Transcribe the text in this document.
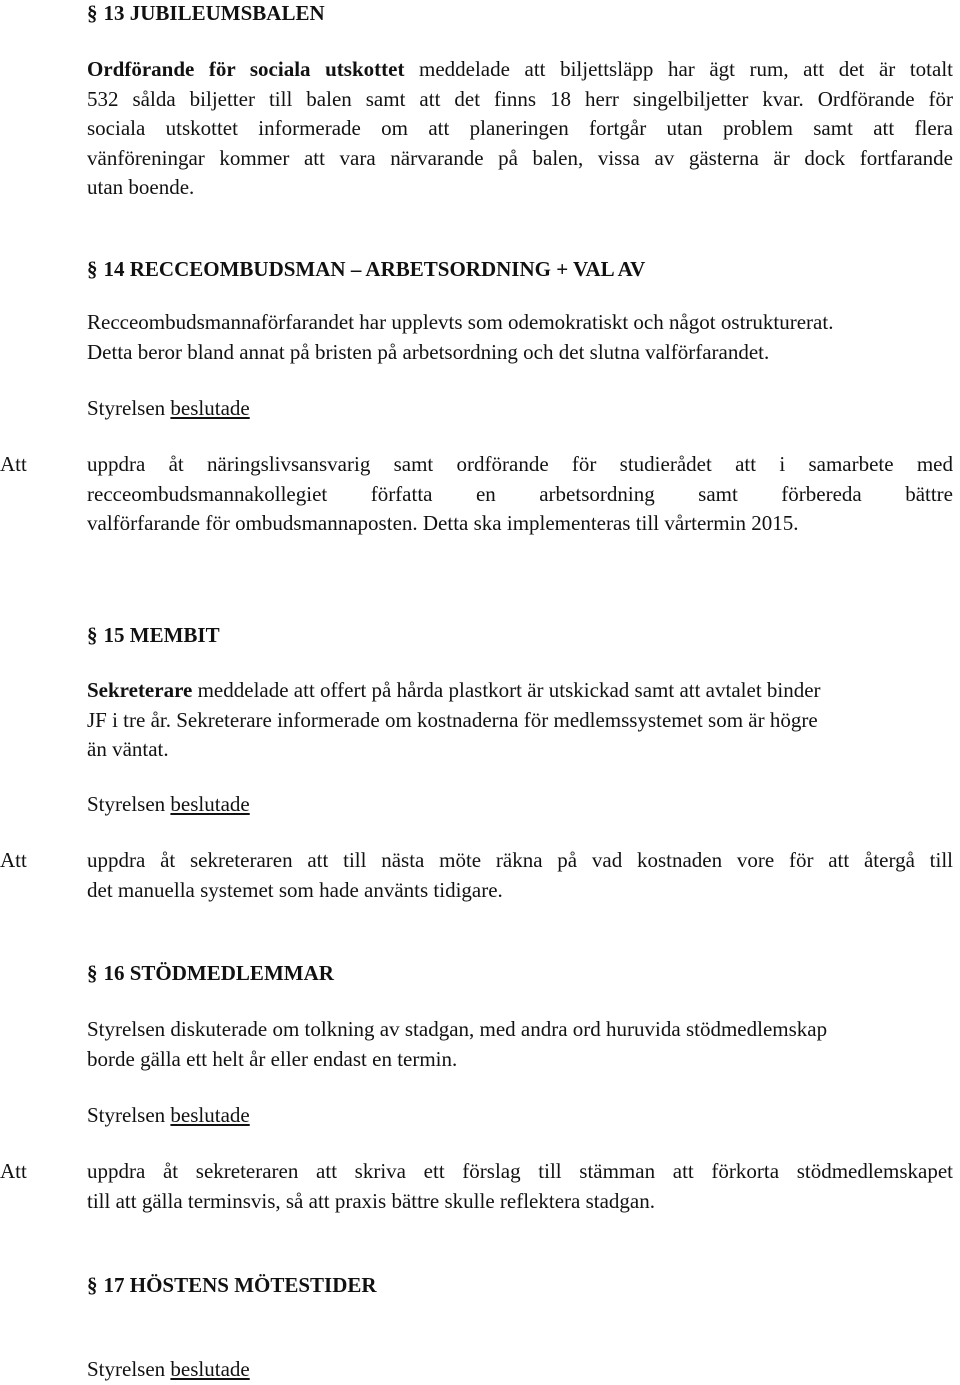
§ 13 JUBILEUMSBALEN
Ordförande för sociala utskottet meddelade att biljettsläpp har ägt rum, att det är totalt
532 sålda biljetter till balen samt att det finns 18 herr singelbiljetter kvar. Ordförande för
sociala utskottet informerade om att planeringen fortgår utan problem samt att flera
vänföreningar kommer att vara närvarande på balen, vissa av gästerna är dock fortfarande
utan boende.
§ 14 RECCEOMBUDSMAN – ARBETSORDNING + VAL AV
Recceombudsmannaförfarandet har upplevts som odemokratiskt och något ostrukturerat.
Detta beror bland annat på bristen på arbetsordning och det slutna valförfarandet.
Styrelsen beslutade
Att	uppdra åt näringslivsansvarig samt ordförande för studierådet att i samarbete med
recceombudsmannakollegiet författa en arbetsordning samt förbereda bättre
valförfarande för ombudsmannaposten. Detta ska implementeras till vårtermin 2015.
§ 15 MEMBIT
Sekreterare meddelade att offert på hårda plastkort är utskickad samt att avtalet binder
JF i tre år. Sekreterare informerade om kostnaderna för medlemssystemet som är högre
än väntat.
Styrelsen beslutade
Att	uppdra åt sekreteraren att till nästa möte räkna på vad kostnaden vore för att återgå till
det manuella systemet som hade använts tidigare.
§ 16 STÖDMEDLEMMAR
Styrelsen diskuterade om tolkning av stadgan, med andra ord huruvida stödmedlemskap
borde gälla ett helt år eller endast en termin.
Styrelsen beslutade
Att	uppdra åt sekreteraren att skriva ett förslag till stämman att förkorta stödmedlemskapet
till att gälla terminsvis, så att praxis bättre skulle reflektera stadgan.
§ 17 HÖSTENS MÖTESTIDER
Styrelsen beslutade
